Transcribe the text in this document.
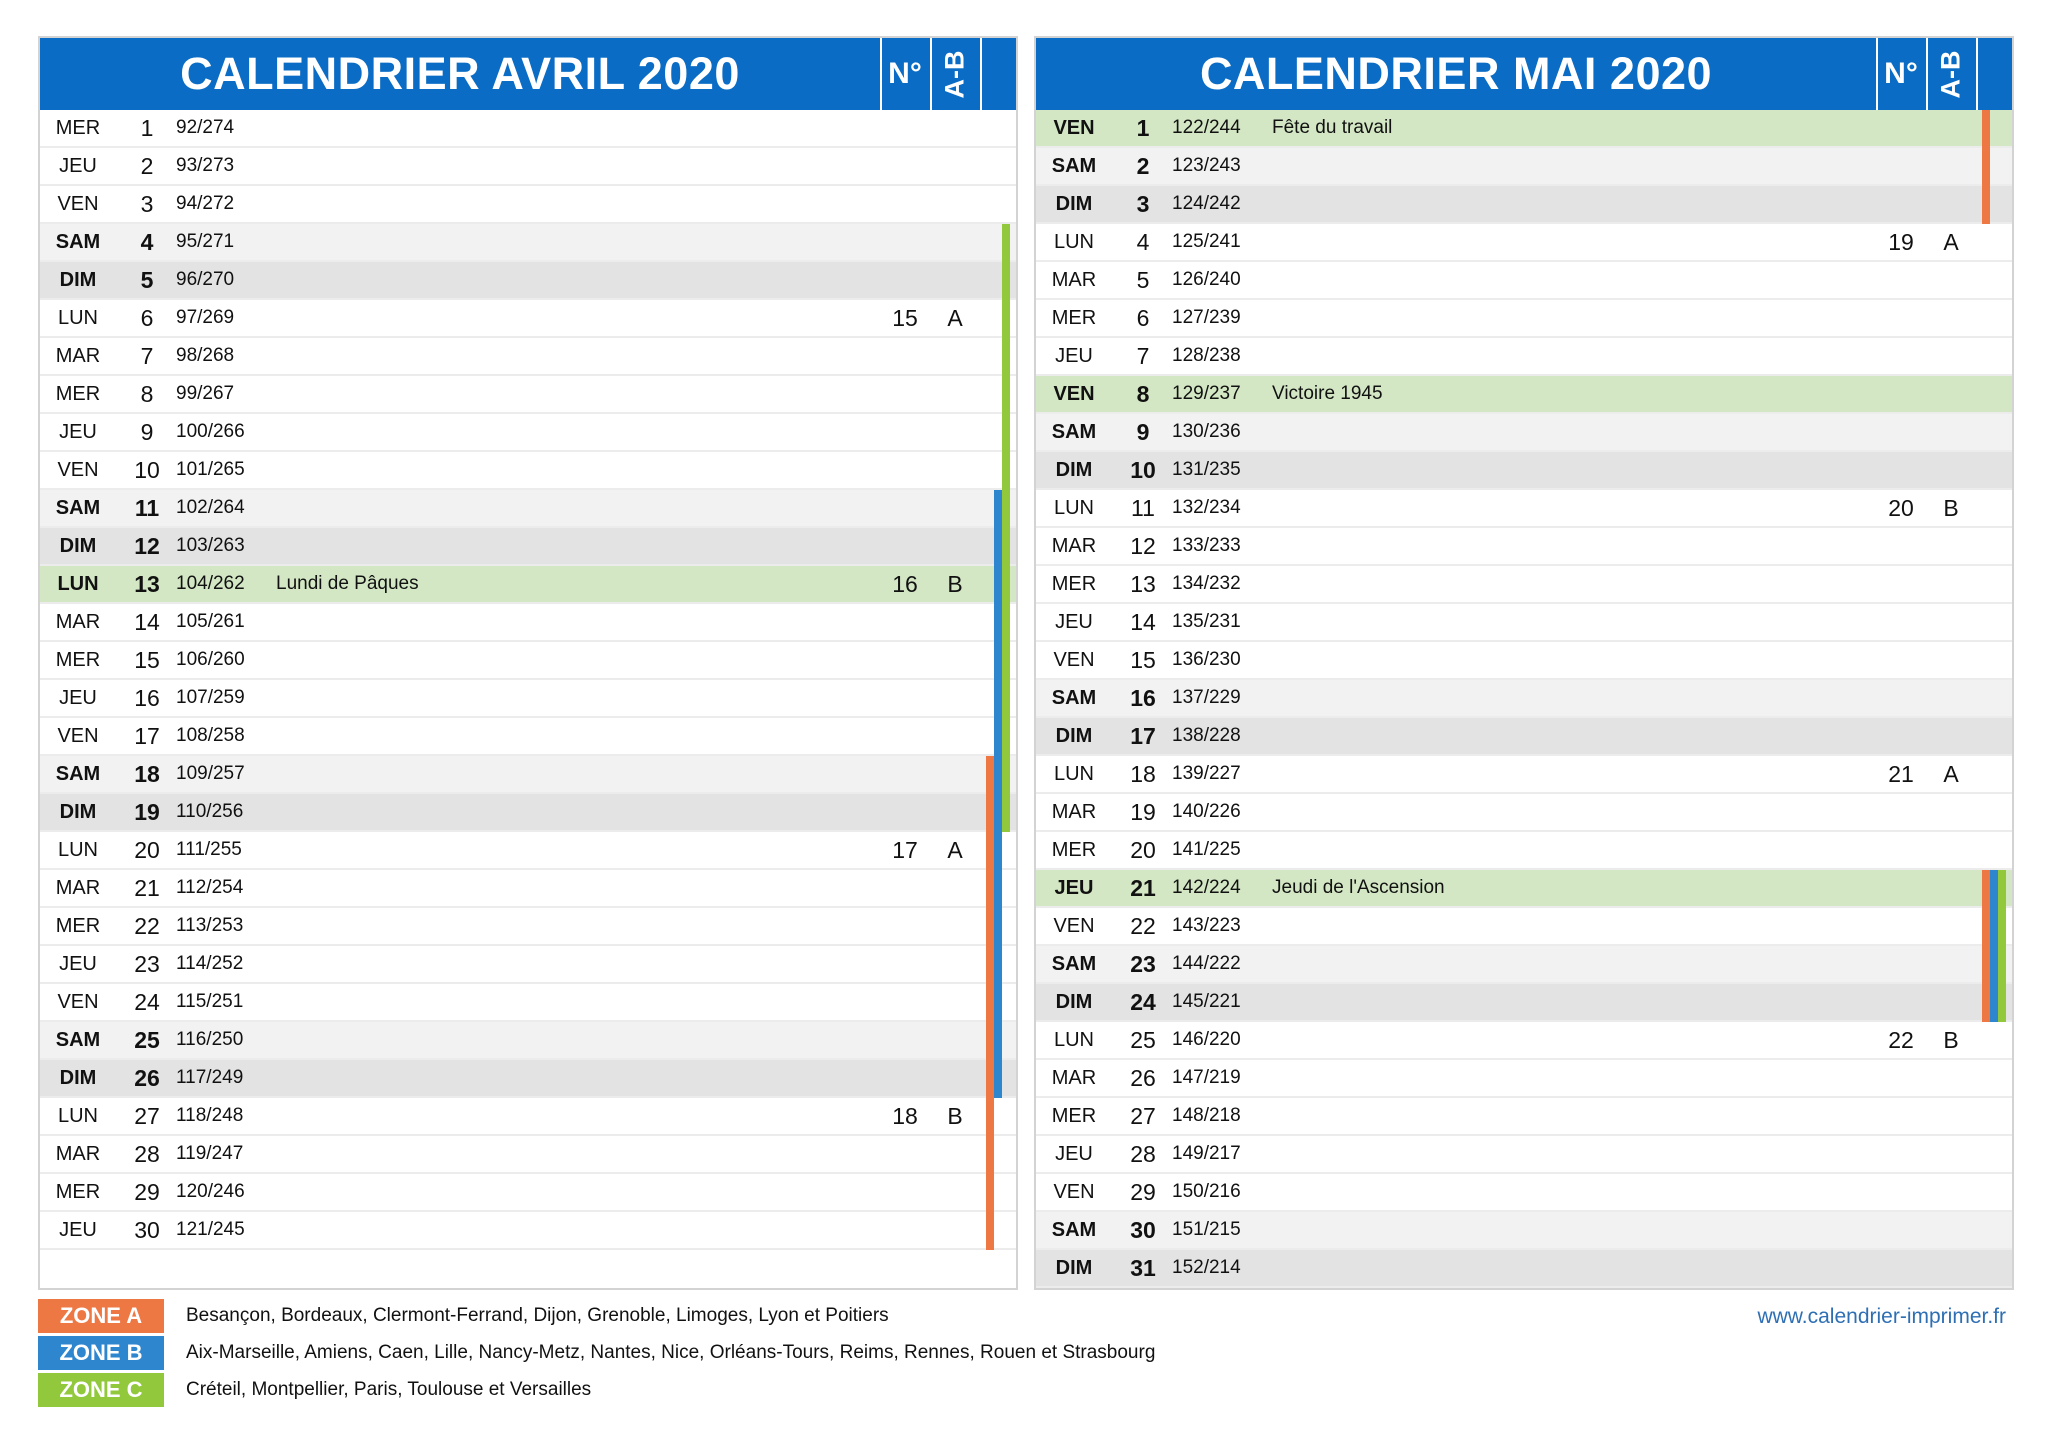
CALENDRIER AVRIL 2020	N° A-B
MER	1	92/274
JEU	2	93/273
VEN	3	94/272
SAM	4	95/271
DIM	5	96/270
LUN	6	97/269	15	A
MAR	7	98/268
MER	8	99/267
JEU	9	100/266
VEN	10 101/265
SAM	11 102/264
DIM	12 103/263
LUN	13 104/262	Lundi de Pâques	16	B
MAR	14 105/261
MER	15 106/260
JEU	16 107/259
VEN	17 108/258
SAM	18 109/257
DIM	19 110/256
LUN	20 111/255	17	A
MAR	21 112/254
MER	22 113/253
JEU	23 114/252
VEN	24 115/251
SAM	25 116/250
DIM	26 117/249
LUN	27 118/248	18	B
MAR	28 119/247
MER	29 120/246
JEU	30 121/245
CALENDRIER MAI 2020	N° A-B
VEN	1	122/244	Fête du travail
SAM	2	123/243
DIM	3	124/242
LUN	4	125/241	19	A
MAR	5	126/240
MER	6	127/239
JEU	7	128/238
VEN	8	129/237	Victoire 1945
SAM	9	130/236
DIM	10 131/235
LUN	11 132/234	20	B
MAR	12 133/233
MER	13 134/232
JEU	14 135/231
VEN	15 136/230
SAM	16 137/229
DIM	17 138/228
LUN	18 139/227	21	A
MAR	19 140/226
MER	20 141/225
JEU	21 142/224	Jeudi de l'Ascension
VEN	22 143/223
SAM	23 144/222
DIM	24 145/221
LUN	25 146/220	22	B
MAR	26 147/219
MER	27 148/218
JEU	28 149/217
VEN	29 150/216
SAM	30 151/215
DIM	31 152/214
ZONE A	Besançon, Bordeaux, Clermont-Ferrand, Dijon, Grenoble, Limoges, Lyon et Poitiers
ZONE B	Aix-Marseille, Amiens, Caen, Lille, Nancy-Metz, Nantes, Nice, Orléans-Tours, Reims, Rennes, Rouen et Strasbourg
ZONE C	Créteil, Montpellier, Paris, Toulouse et Versailles
www.calendrier-imprimer.fr
